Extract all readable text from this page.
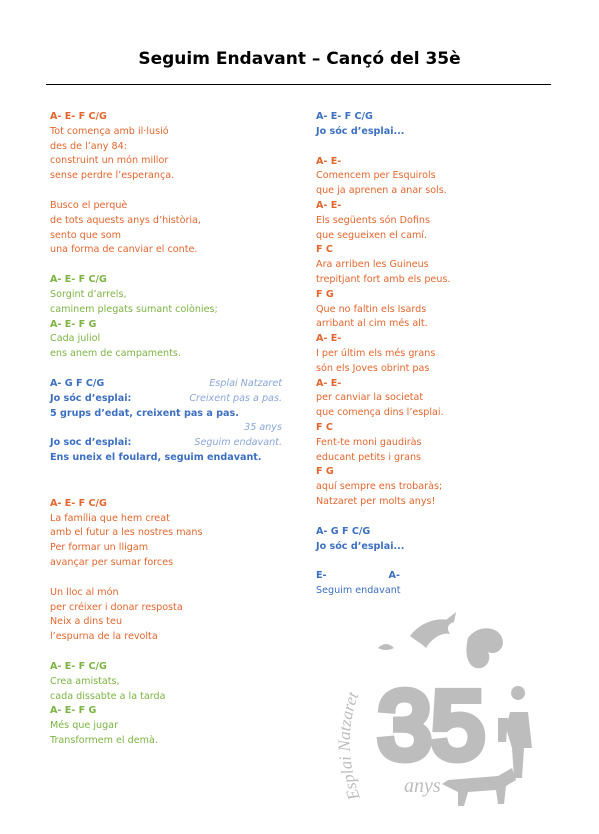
Seguim Endavant – Cançó del 35è

A- E- F C/G

Tot comença amb il·lusió

des de l’any 84:

construint un món millor

sense perdre l’esperança.

Busco el perquè

de tots aquests anys d’història,

sento que som

una forma de canviar el conte.

A- E- F C/G

Sorgint d’arrels,

caminem plegats sumant colònies;

A- E- F G

Cada juliol

ens anem de campaments.

A- G F C/G	Esplai Natzaret

Jo sóc d’esplai:	Creixent pas a pas.

5 grups d’edat, creixent pas a pas.

35 anys

Jo soc d’esplai:	Seguim endavant.

Ens uneix el foulard, seguim endavant.

A- E- F C/G

La família que hem creat

amb el futur a les nostres mans

Per formar un lligam

avançar per sumar forces

Un lloc al món

per créixer i donar resposta

Neix a dins teu

l’espurna de la revolta

A- E- F C/G

Crea amistats,

cada dissabte a la tarda

A- E- F G

Més que jugar

Transformem el demà.

A- E- F C/G

Jo sóc d’esplai...

A- E-

Comencem per Esquirols

que ja aprenen a anar sols.

A- E-

Els següents són Dofins

que segueixen el camí.

F C

Ara arriben les Guineus

trepitjant fort amb els peus.

F G

Que no faltin els Isards

arribant al cim més alt.

A- E-

I per últim els més grans

són els Joves obrint pas

A- E-

per canviar la societat

que comença dins l’esplai.

F C

Fent-te moni gaudiràs

educant petits i grans

F G

aquí sempre ens trobaràs;

Natzaret per molts anys!

A- G F C/G

Jo sóc d’esplai...

E-	A-

Seguim endavant

Esplai Natzaret 35
anys
